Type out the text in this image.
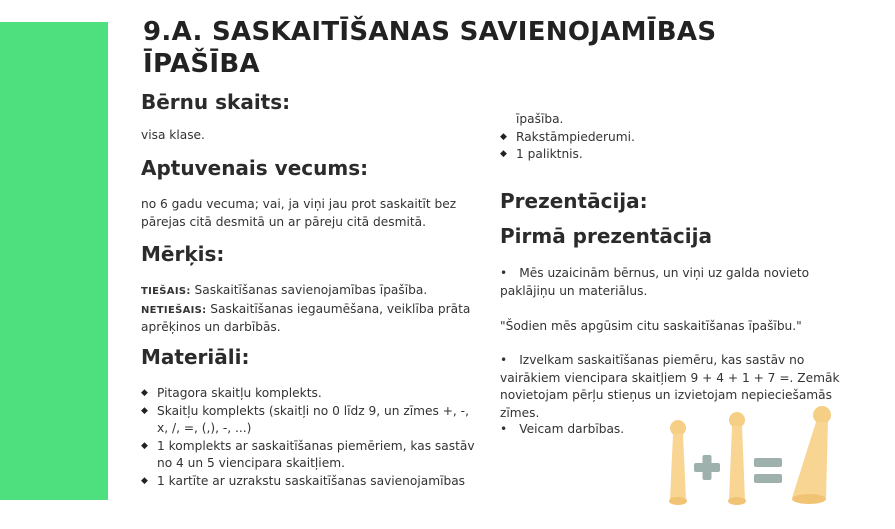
9.A. SASKAITĪŠANAS SAVIENOJAMĪBAS ĪPAŠĪBA
Bērnu skaits:
visa klase.
Aptuvenais vecums:
no 6 gadu vecuma; vai, ja viņi jau prot saskaitīt bez
pārejas citā desmitā un ar pāreju citā desmitā.
Mērķis:
TIEŠAIS: Saskaitīšanas savienojamības īpašība.
NETIEŠAIS: Saskaitīšanas iegaumēšana, veiklība prāta aprēķinos un darbībās.
Materiāli:
◆ Pitagora skaitļu komplekts.
◆ Skaitļu komplekts (skaitļi no 0 līdz 9, un zīmes +, -, x, /, =, (,), -, ...)
◆ 1 komplekts ar saskaitīšanas piemēriem, kas sastāv no 4 un 5 viencipara skaitļiem.
◆ 1 kartīte ar uzrakstu saskaitīšanas savienojamības
īpašība.
◆ Rakstāmpiederumi.
◆ 1 paliktnis.
Prezentācija:
Pirmā prezentācija
• Mēs uzaicinām bērnus, un viņi uz galda novieto paklājiņu un materiālus.
"Šodien mēs apgūsim citu saskaitīšanas īpašību."
• Izvelkam saskaitīšanas piemēru, kas sastāv no vairākiem viencipara skaitļiem 9 + 4 + 1 + 7 =. Zemāk novietojam pērļu stieņus un izvietojam nepieciešamās zīmes.
• Veicam darbības.
